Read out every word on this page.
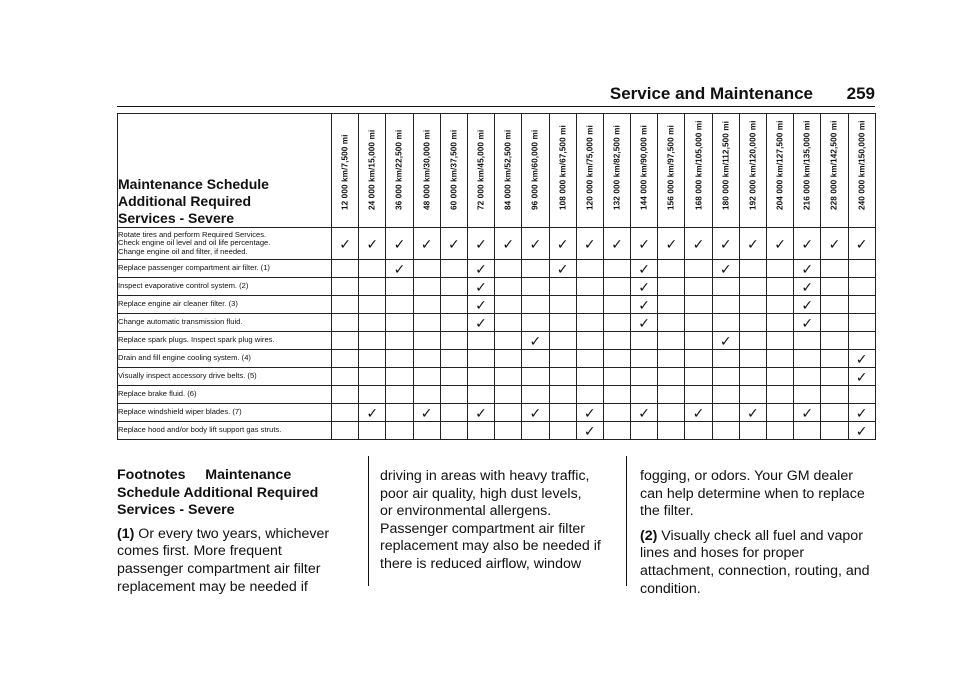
Service and Maintenance 259
Maintenance Schedule
Additional Required
Services - Severe	12 000 km/7,500 mi	24 000 km/15,000 mi	36 000 km/22,500 mi	48 000 km/30,000 mi	60 000 km/37,500 mi	72 000 km/45,000 mi	84 000 km/52,500 mi	96 000 km/60,000 mi	108 000 km/67,500 mi	120 000 km/75,000 mi	132 000 km/82,500 mi	144 000 km/90,000 mi	156 000 km/97,500 mi	168 000 km/105,000 mi	180 000 km/112,500 mi	192 000 km/120,000 mi	204 000 km/127,500 mi	216 000 km/135,000 mi	228 000 km/142,500 mi	240 000 km/150,000 mi

Rotate tires and perform Required Services.
Check engine oil level and oil life percentage.
Change engine oil and filter, if needed.	✓	✓	✓	✓	✓	✓	✓	✓	✓	✓	✓	✓	✓	✓	✓	✓	✓	✓	✓	✓

Replace passenger compartment air filter. (1)			✓			✓			✓			✓			✓			✓		

Inspect evaporative control system. (2)						✓						✓						✓		

Replace engine air cleaner filter. (3)						✓						✓						✓		

Change automatic transmission fluid.						✓						✓						✓		

Replace spark plugs. Inspect spark plug wires.								✓							✓					

Drain and fill engine cooling system. (4)																				✓

Visually inspect accessory drive belts. (5)																				✓

Replace brake fluid. (6)																				

Replace windshield wiper blades. (7)		✓		✓		✓		✓		✓		✓		✓		✓		✓		✓

Replace hood and/or body lift support gas struts.										✓										✓

Footnotes     Maintenance
Schedule Additional Required
Services - Severe

(1) Or every two years, whichever
comes first. More frequent
passenger compartment air filter
replacement may be needed if

driving in areas with heavy traffic,
poor air quality, high dust levels,
or environmental allergens.
Passenger compartment air filter
replacement may also be needed if
there is reduced airflow, window

fogging, or odors. Your GM dealer
can help determine when to replace
the filter.

(2) Visually check all fuel and vapor
lines and hoses for proper
attachment, connection, routing, and
condition.
